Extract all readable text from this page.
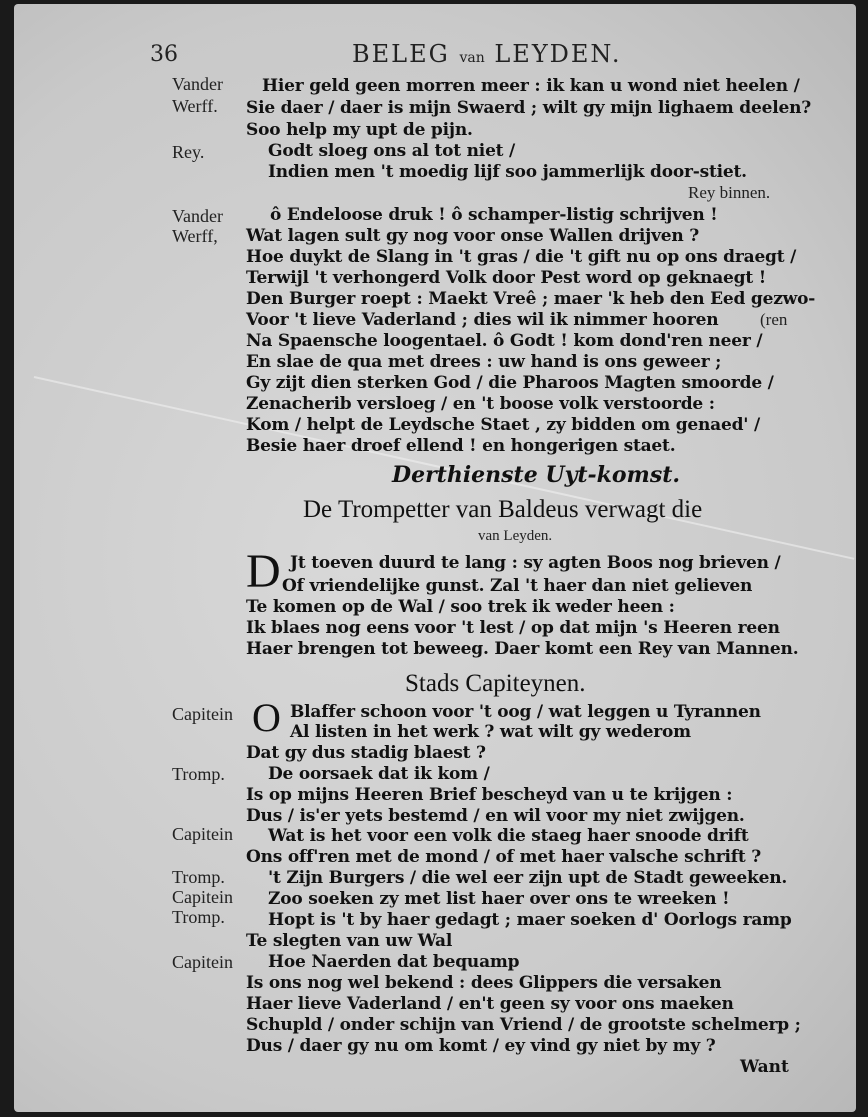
36	BELEG van LEYDEN.
Vander
Werff.
Rey.
Vander
Werff,
Capitein
Tromp.
Capitein
Tromp.
Capitein
Tromp.
Capitein
Hier geld geen morren meer : ik kan u wond niet heelen /
Sie daer / daer is mijn Swaerd ; wilt gy mijn lighaem deelen?
Soo help my upt de pijn.
Godt sloeg ons al tot niet /
Indien men 't moedig lijf soo jammerlijk door-stiet.
Rey binnen.
ô Endeloose druk ! ô schamper-listig schrijven !
Wat lagen sult gy nog voor onse Wallen drijven ?
Hoe duykt de Slang in 't gras / die 't gift nu op ons draegt /
Terwijl 't verhongerd Volk door Pest word op geknaegt !
Den Burger roept : Maekt Vreê ; maer 'k heb den Eed gezwo-
Voor 't lieve Vaderland ; dies wil ik nimmer hooren (ren
Na Spaensche loogentael. ô Godt ! kom dond'ren neer /
En slae de qua met drees : uw hand is ons geweer ;
Gy zijt dien sterken God / die Pharoos Magten smoorde /
Zenacherib versloeg / en 't boose volk verstoorde :
Kom / helpt de Leydsche Staet , zy bidden om genaed' /
Besie haer droef ellend ! en hongerigen staet.
Derthienste Uyt-komst.
De Trompetter van Baldeus verwagt die
van Leyden.
D Jt toeven duurd te lang : sy agten Boos nog brieven /
Of vriendelijke gunst. Zal 't haer dan niet gelieven
Te komen op de Wal / soo trek ik weder heen :
Ik blaes nog eens voor 't lest / op dat mijn 's Heeren reen
Haer brengen tot beweeg. Daer komt een Rey van Mannen.
Stads Capiteynen.
O Blaffer schoon voor 't oog / wat leggen u Tyrannen
Al listen in het werk ? wat wilt gy wederom
Dat gy dus stadig blaest ?
De oorsaek dat ik kom /
Is op mijns Heeren Brief bescheyd van u te krijgen :
Dus / is'er yets bestemd / en wil voor my niet zwijgen.
Wat is het voor een volk die staeg haer snoode drift
Ons off'ren met de mond / of met haer valsche schrift ?
't Zijn Burgers / die wel eer zijn upt de Stadt geweeken.
Zoo soeken zy met list haer over ons te wreeken !
Hopt is 't by haer gedagt ; maer soeken d' Oorlogs ramp
Te slegten van uw Wal
Hoe Naerden dat bequamp
Is ons nog wel bekend : dees Glippers die versaken
Haer lieve Vaderland / en't geen sy voor ons maeken
Schupld / onder schijn van Vriend / de grootste schelmerp ;
Dus / daer gy nu om komt / ey vind gy niet by my ?
Want
